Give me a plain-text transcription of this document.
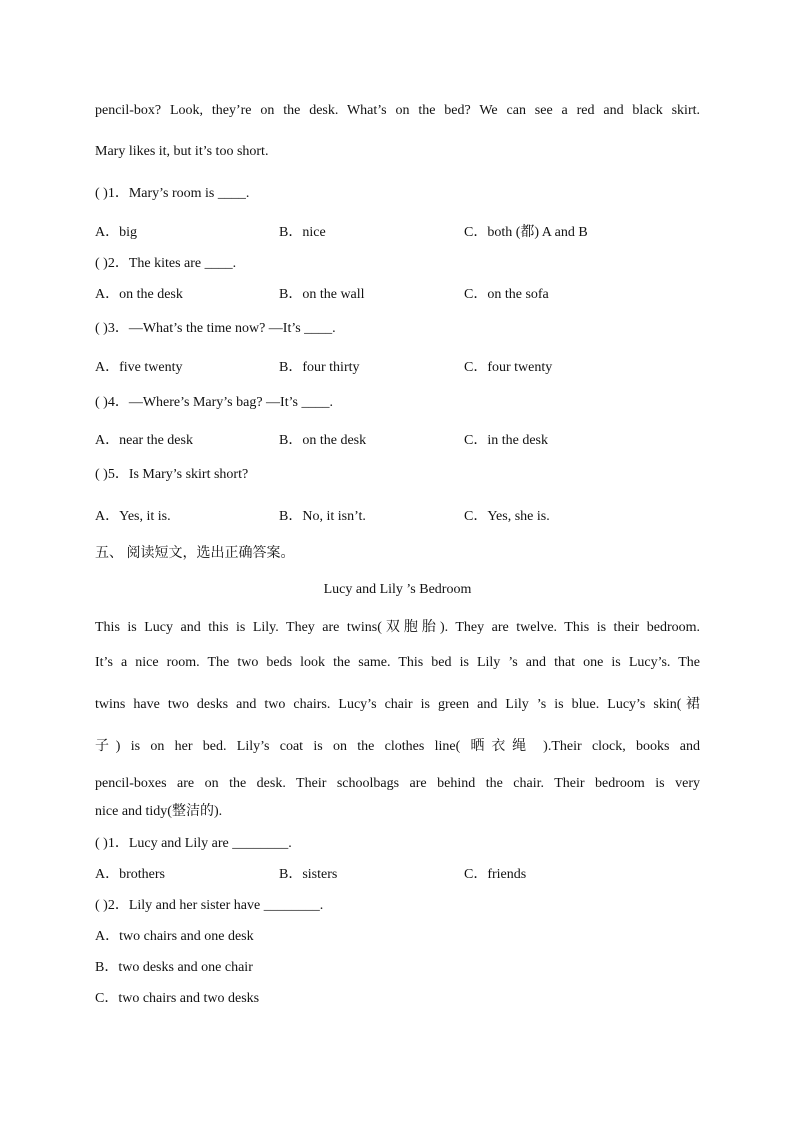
pencil-box? Look, they’re on the desk. What’s on the bed? We can see a red and black skirt.
Mary likes it, but it’s too short.
( )1．Mary’s room is ____.
A．big	B．nice	C．both (都) A and B
( )2．The kites are ____.
A．on the desk	B．on the wall	C．on the sofa
( )3．—What’s the time now? —It’s ____.
A．five twenty	B．four thirty	C．four twenty
( )4．—Where’s Mary’s bag? —It’s ____.
A．near the desk	B．on the desk	C．in the desk
( )5．Is Mary’s skirt short?
A．Yes, it is.	B．No, it isn’t.	C．Yes, she is.
五、 阅读短文，选出正确答案。
Lucy and Lily ’s Bedroom
This is Lucy and this is Lily. They are twins(双胞胎). They are twelve. This is their bedroom.
It’s a nice room. The two beds look the same. This bed is Lily ’s and that one is Lucy’s. The
twins have two desks and two chairs. Lucy’s chair is green and Lily ’s is blue. Lucy’s skin(裙
子) is on her bed. Lily’s coat is on the clothes line( 晒衣绳 ).Their clock, books and
pencil-boxes are on the desk. Their schoolbags are behind the chair. Their bedroom is very
nice and tidy(整洁的).
( )1．Lucy and Lily are ________.
A．brothers	B．sisters	C．friends
( )2．Lily and her sister have ________.
A．two chairs and one desk
B．two desks and one chair
C．two chairs and two desks
